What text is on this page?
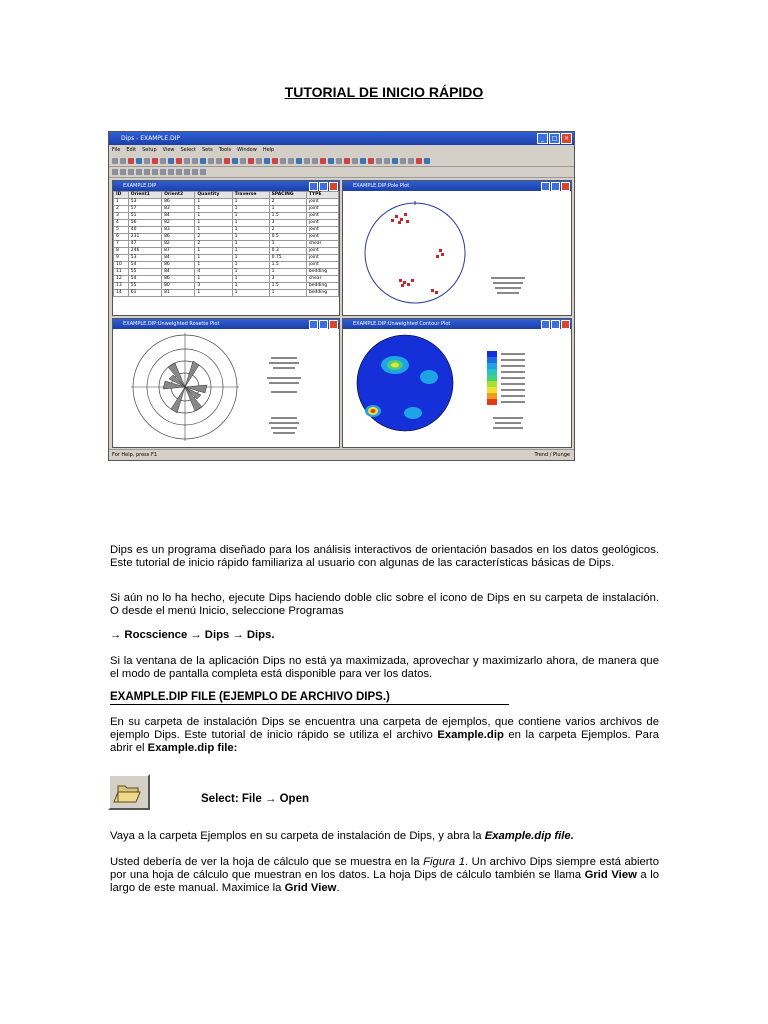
TUTORIAL DE INICIO RÁPIDO
Dips - EXAMPLE.DIP	_	□	×
File Edit Setup View Select Sets Tools Window Help
EXAMPLE.DIP
ID	Orient1	Orient2	Quantity	Traverse	SPACING	TYPE
1	53	86	1	1	2	joint
2	57	83	1	1	1	joint
3	51	84	1	1	1.5	joint
4	56	82	1	1	3	joint
5	40	83	1	1	2	joint
6	231	86	2	1	0.5	joint
7	47	82	2	1	1	shear
8	246	87	1	1	0.3	joint
9	53	84	1	1	0.75	joint
10	54	86	1	1	1.5	joint
11	55	84	4	1	1	bedding
12	54	86	1	1	3	shear
13	55	80	3	1	1.5	bedding
14	61	81	1	1	1	bedding
EXAMPLE.DIP:Pole Plot
EXAMPLE.DIP:Unweighted Rosette Plot	EXAMPLE.DIP:Unweighted Contour Plot
For Help, press F1	Trend / Plunge
Dips es un programa diseñado para los análisis interactivos de orientación basados en los datos geológicos. Este tutorial de inicio rápido familiariza al usuario con algunas de las características básicas de Dips.
Si aún no lo ha hecho, ejecute Dips haciendo doble clic sobre el icono de Dips en su carpeta de instalación. O desde el menú Inicio, seleccione Programas
→ Rocscience → Dips → Dips.
Si la ventana de la aplicación Dips no está ya maximizada, aprovechar y maximizarlo ahora, de manera que el modo de pantalla completa está disponible para ver los datos.
EXAMPLE.DIP FILE (EJEMPLO DE ARCHIVO DIPS.)
En su carpeta de instalación Dips se encuentra una carpeta de ejemplos, que contiene varios archivos de ejemplo Dips. Este tutorial de inicio rápido se utiliza el archivo Example.dip en la carpeta Ejemplos. Para abrir el Example.dip file:
Select: File → Open
Vaya a la carpeta Ejemplos en su carpeta de instalación de Dips, y abra la Example.dip file.
Usted debería de ver la hoja de cálculo que se muestra en la Figura 1. Un archivo Dips siempre está abierto por una hoja de cálculo que muestran en los datos. La hoja Dips de cálculo también se llama Grid View a lo largo de este manual. Maximice la Grid View.
